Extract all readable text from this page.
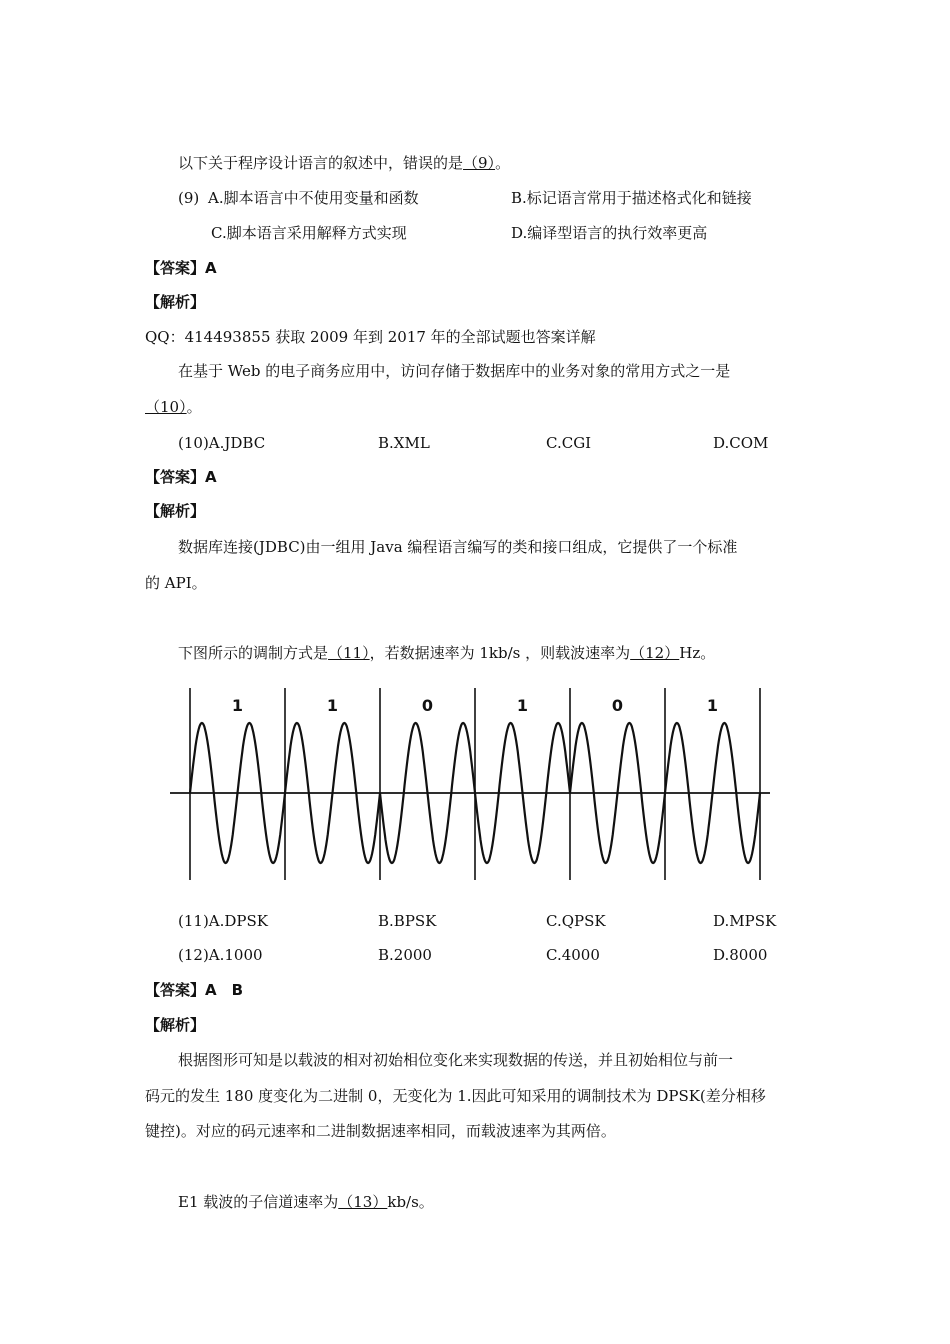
以下关于程序设计语言的叙述中，错误的是（9）。
(9) A.脚本语言中不使用变量和函数	B.标记语言常用于描述格式化和链接
C.脚本语言采用解释方式实现	D.编译型语言的执行效率更高
【答案】A
【解析】
QQ：414493855 获取 2009 年到 2017 年的全部试题也答案详解
在基于 Web 的电子商务应用中，访问存储于数据库中的业务对象的常用方式之一是
（10）。
(10)A.JDBC	B.XML	C.CGI	D.COM
【答案】A
【解析】
数据库连接(JDBC)由一组用 Java 编程语言编写的类和接口组成，它提供了一个标准
的 API。
下图所示的调制方式是（11），若数据速率为 1kb/s ，则载波速率为（12）Hz。
1	1	0	1	0	1
(11)A.DPSK	B.BPSK	C.QPSK	D.MPSK
(12)A.1000	B.2000	C.4000	D.8000
【答案】A　B
【解析】
根据图形可知是以载波的相对初始相位变化来实现数据的传送，并且初始相位与前一
码元的发生 180 度变化为二进制 0，无变化为 1.因此可知采用的调制技术为 DPSK(差分相移
键控)。对应的码元速率和二进制数据速率相同，而载波速率为其两倍。
E1 载波的子信道速率为（13）kb/s。
